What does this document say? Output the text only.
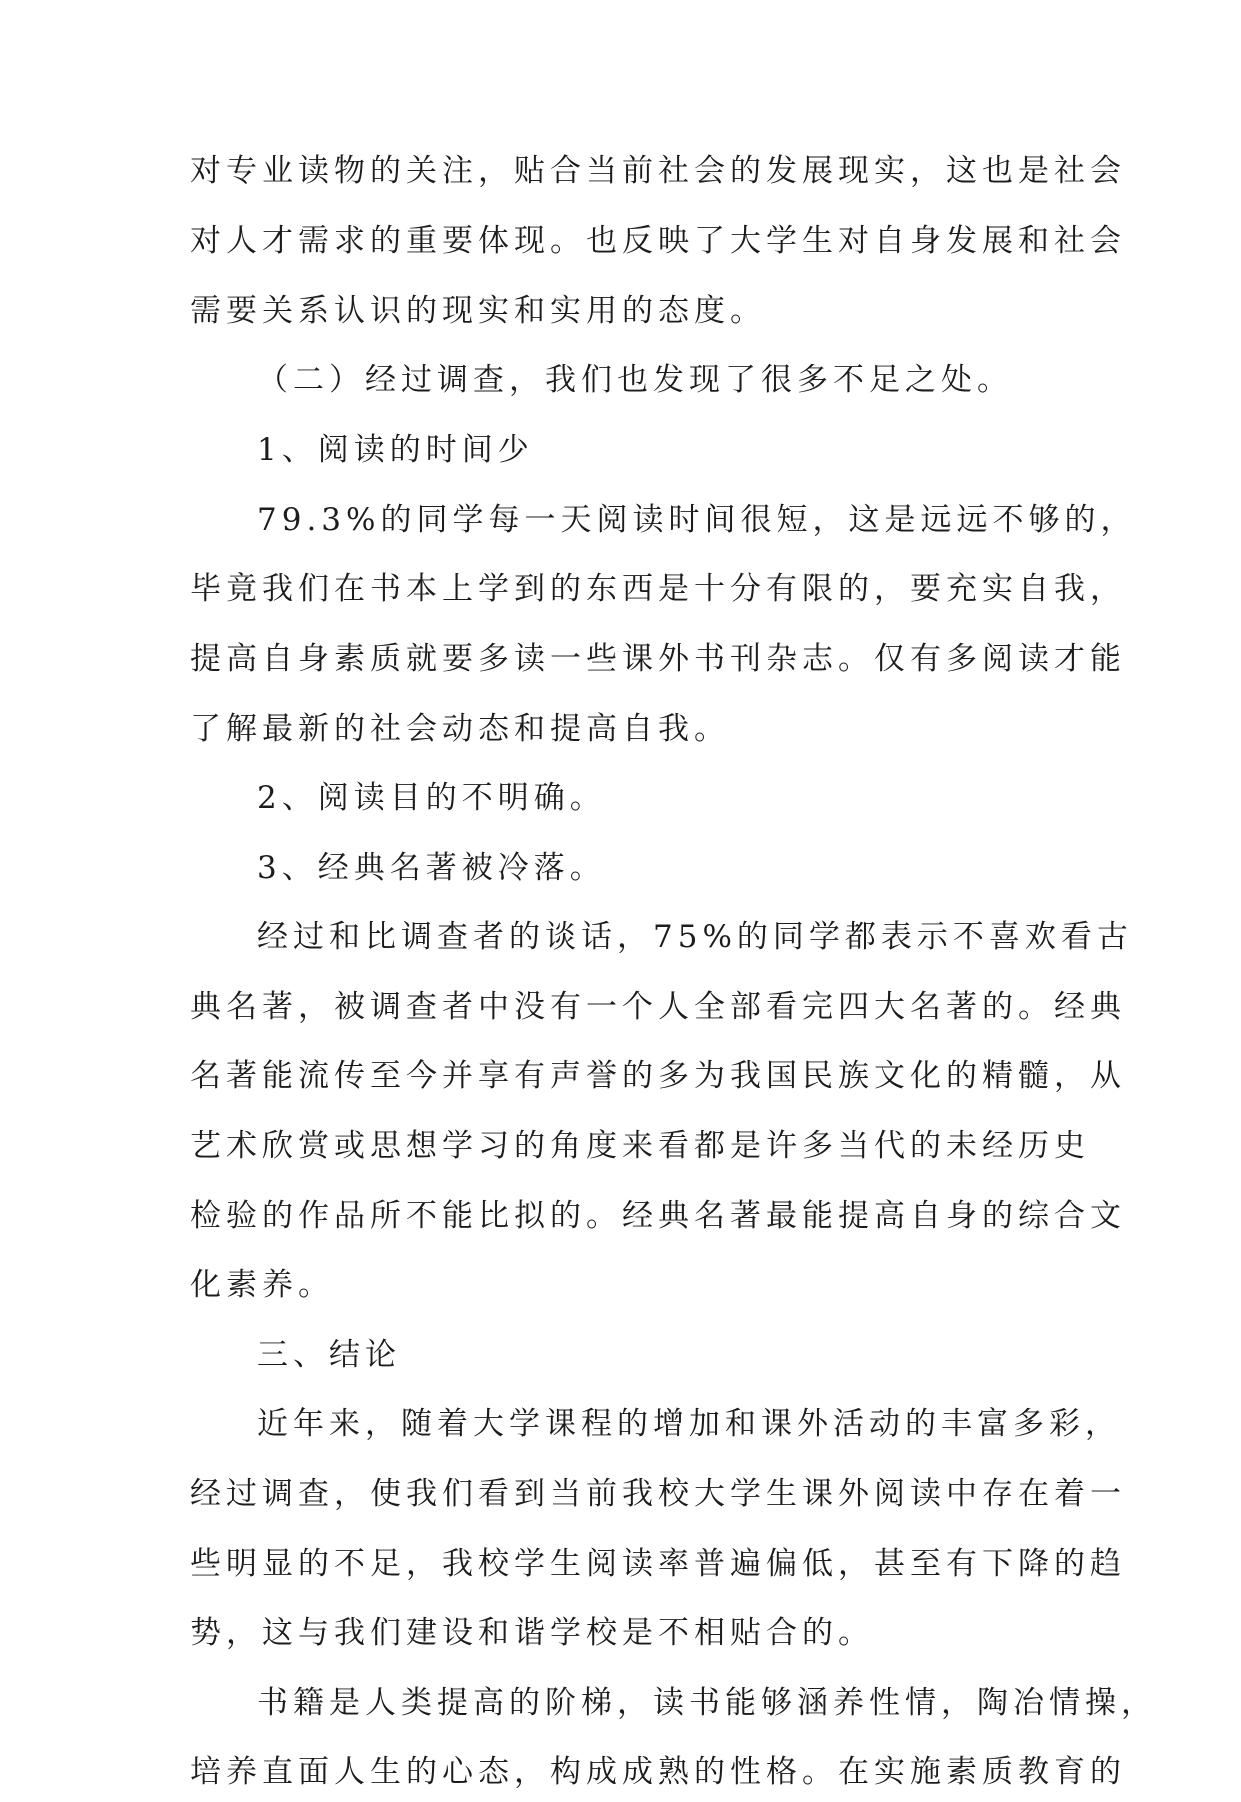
对专业读物的关注，贴合当前社会的发展现实，这也是社会
对人才需求的重要体现。也反映了大学生对自身发展和社会
需要关系认识的现实和实用的态度。
（二）经过调查，我们也发现了很多不足之处。
1、阅读的时间少
79.3%的同学每一天阅读时间很短，这是远远不够的，
毕竟我们在书本上学到的东西是十分有限的，要充实自我，
提高自身素质就要多读一些课外书刊杂志。仅有多阅读才能
了解最新的社会动态和提高自我。
2、阅读目的不明确。
3、经典名著被冷落。
经过和比调查者的谈话，75%的同学都表示不喜欢看古
典名著，被调查者中没有一个人全部看完四大名著的。经典
名著能流传至今并享有声誉的多为我国民族文化的精髓，从
艺术欣赏或思想学习的角度来看都是许多当代的未经历史
检验的作品所不能比拟的。经典名著最能提高自身的综合文
化素养。
三、结论
近年来，随着大学课程的增加和课外活动的丰富多彩，
经过调查，使我们看到当前我校大学生课外阅读中存在着一
些明显的不足，我校学生阅读率普遍偏低，甚至有下降的趋
势，这与我们建设和谐学校是不相贴合的。
书籍是人类提高的阶梯，读书能够涵养性情，陶冶情操，
培养直面人生的心态，构成成熟的性格。在实施素质教育的
